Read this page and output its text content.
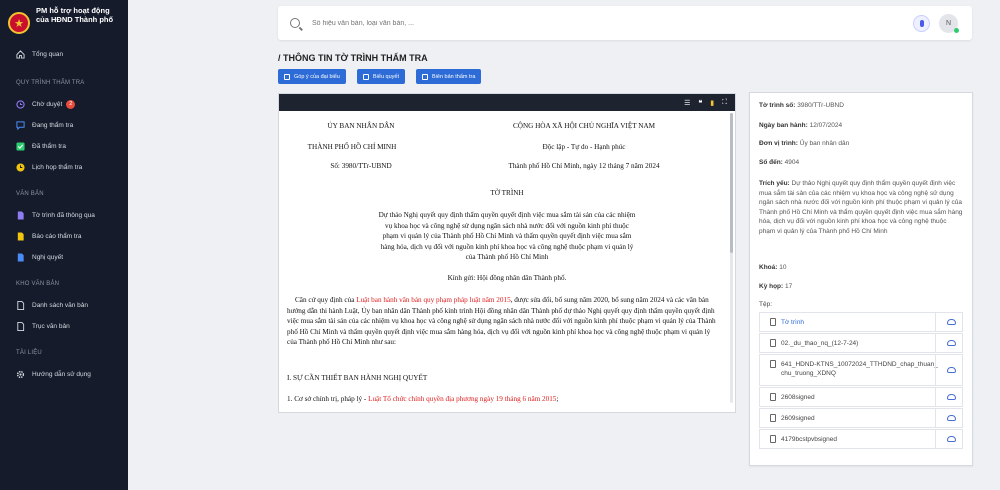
★
PM hỗ trợ hoạt động của HĐND Thành phố
Tổng quan
QUY TRÌNH THẨM TRA
Chờ duyệt	2
Đang thẩm tra
Đã thẩm tra
Lịch họp thẩm tra
VĂN BẢN
Tờ trình đã thông qua
Báo cáo thẩm tra
Nghị quyết
KHO VĂN BẢN
Danh sách văn bản
Trục văn bản
TÀI LIỆU
Hướng dẫn sử dụng
Số hiệu văn bản, loại văn bản, ...
N
/ THÔNG TIN TỜ TRÌNH THẨM TRA
Góp ý của đại biểu	Biểu quyết	Biên bản thẩm tra
☰ ❝ ▮ ⛶
ỦY BAN NHÂN DÂN
THÀNH PHỐ HỒ CHÍ MINH
Số: 3980/TTr-UBND
CỘNG HÒA XÃ HỘI CHỦ NGHĨA VIỆT NAM
Độc lập - Tự do - Hạnh phúc
Thành phố Hồ Chí Minh, ngày 12 tháng 7 năm 2024
TỜ TRÌNH
Dự thảo Nghị quyết quy định thẩm quyền quyết định việc mua sắm tài sản của các nhiệm
vụ khoa học và công nghệ sử dụng ngân sách nhà nước đối với nguồn kinh phí thuộc
phạm vi quản lý của Thành phố Hồ Chí Minh và thẩm quyền quyết định việc mua sắm
hàng hóa, dịch vụ đối với nguồn kinh phí khoa học và công nghệ thuộc phạm vi quản lý
của Thành phố Hồ Chí Minh
Kính gửi: Hội đồng nhân dân Thành phố.
Căn cứ quy định của Luật ban hành văn bản quy phạm pháp luật năm 2015, được sửa đổi, bổ sung năm 2020, bổ sung năm 2024 và các văn bản hướng dẫn thi hành Luật, Ủy ban nhân dân Thành phố kính trình Hội đồng nhân dân Thành phố dự thảo Nghị quyết quy định thẩm quyền quyết định việc mua sắm tài sản của các nhiệm vụ khoa học và công nghệ sử dụng ngân sách nhà nước đối với nguồn kinh phí thuộc phạm vi quản lý của Thành phố Hồ Chí Minh và thẩm quyền quyết định việc mua sắm hàng hóa, dịch vụ đối với nguồn kinh phí khoa học và công nghệ thuộc phạm vi quản lý của Thành phố Hồ Chí Minh như sau:
I. SỰ CẦN THIẾT BAN HÀNH NGHỊ QUYẾT
1. Cơ sở chính trị, pháp lý - Luật Tổ chức chính quyền địa phương ngày 19 tháng 6 năm 2015;
Tờ trình số: 3980/TTr-UBND
Ngày ban hành: 12/07/2024
Đơn vị trình: Ủy ban nhân dân
Số đến: 4904
Trích yếu: Dự thảo Nghị quyết quy định thẩm quyền quyết định việc mua sắm tài sản của các nhiệm vụ khoa học và công nghệ sử dụng ngân sách nhà nước đối với nguồn kinh phí thuộc phạm vi quản lý của Thành phố Hồ Chí Minh và thẩm quyền quyết định việc mua sắm hàng hóa, dịch vụ đối với nguồn kinh phí khoa học và công nghệ thuộc phạm vi quản lý của Thành phố Hồ Chí Minh
Khoá: 10
Kỳ họp: 17
Tệp:
Tờ trình
02._du_thao_nq_(12-7-24)
641_HDND-KTNS_10072024_TTHDND_chap_thuan_chu_truong_XDNQ
2608signed
2609signed
4179bcstpvbsigned
